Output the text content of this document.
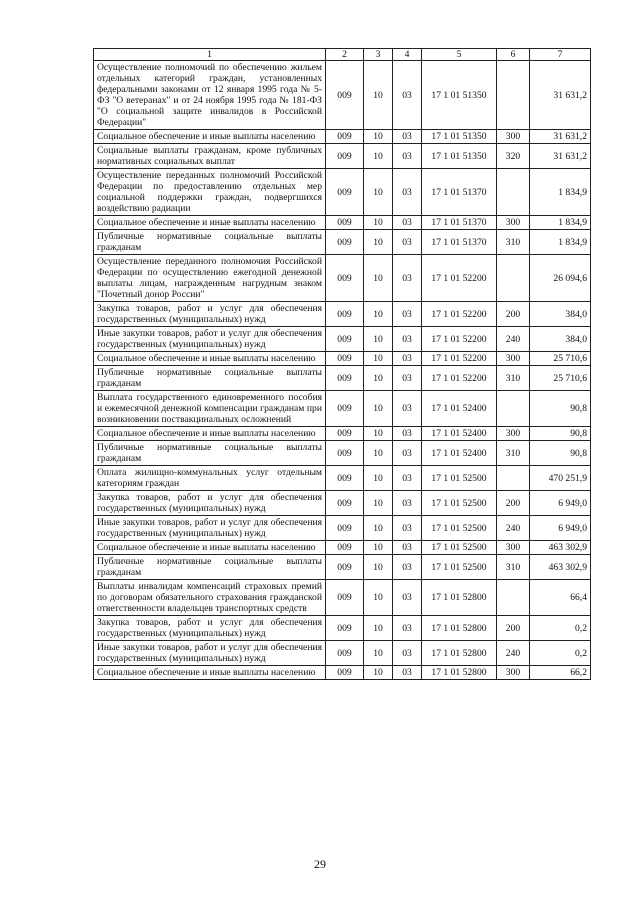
1	2	3	4	5	6	7
Осуществление полномочий по обеспечению жильем отдельных категорий граждан, установленных федеральными законами от 12 января 1995 года № 5-ФЗ "О ветеранах" и от 24 ноября 1995 года № 181-ФЗ "О социальной защите инвалидов в Российской Федерации"	009	10	03	17 1 01 51350		31 631,2
Социальное обеспечение и иные выплаты населению	009	10	03	17 1 01 51350	300	31 631,2
Социальные выплаты гражданам, кроме публичных нормативных социальных выплат	009	10	03	17 1 01 51350	320	31 631,2
Осуществление переданных полномочий Российской Федерации по предоставлению отдельных мер социальной поддержки граждан, подвергшихся воздействию радиации	009	10	03	17 1 01 51370		1 834,9
Социальное обеспечение и иные выплаты населению	009	10	03	17 1 01 51370	300	1 834,9
Публичные нормативные социальные выплаты гражданам	009	10	03	17 1 01 51370	310	1 834,9
Осуществление переданного полномочия Российской Федерации по осуществлению ежегодной денежной выплаты лицам, награжденным нагрудным знаком "Почетный донор России"	009	10	03	17 1 01 52200		26 094,6
Закупка товаров, работ и услуг для обеспечения государственных (муниципальных) нужд	009	10	03	17 1 01 52200	200	384,0
Иные закупки товаров, работ и услуг для обеспечения государственных (муниципальных) нужд	009	10	03	17 1 01 52200	240	384,0
Социальное обеспечение и иные выплаты населению	009	10	03	17 1 01 52200	300	25 710,6
Публичные нормативные социальные выплаты гражданам	009	10	03	17 1 01 52200	310	25 710,6
Выплата государственного единовременного пособия и ежемесячной денежной компенсации гражданам при возникновении поствакцинальных осложнений	009	10	03	17 1 01 52400		90,8
Социальное обеспечение и иные выплаты населению	009	10	03	17 1 01 52400	300	90,8
Публичные нормативные социальные выплаты гражданам	009	10	03	17 1 01 52400	310	90,8
Оплата жилищно-коммунальных услуг отдельным категориям граждан	009	10	03	17 1 01 52500		470 251,9
Закупка товаров, работ и услуг для обеспечения государственных (муниципальных) нужд	009	10	03	17 1 01 52500	200	6 949,0
Иные закупки товаров, работ и услуг для обеспечения государственных (муниципальных) нужд	009	10	03	17 1 01 52500	240	6 949,0
Социальное обеспечение и иные выплаты населению	009	10	03	17 1 01 52500	300	463 302,9
Публичные нормативные социальные выплаты гражданам	009	10	03	17 1 01 52500	310	463 302,9
Выплаты инвалидам компенсаций страховых премий по договорам обязательного страхования гражданской ответственности владельцев транспортных средств	009	10	03	17 1 01 52800		66,4
Закупка товаров, работ и услуг для обеспечения государственных (муниципальных) нужд	009	10	03	17 1 01 52800	200	0,2
Иные закупки товаров, работ и услуг для обеспечения государственных (муниципальных) нужд	009	10	03	17 1 01 52800	240	0,2
Социальное обеспечение и иные выплаты населению	009	10	03	17 1 01 52800	300	66,2
29
